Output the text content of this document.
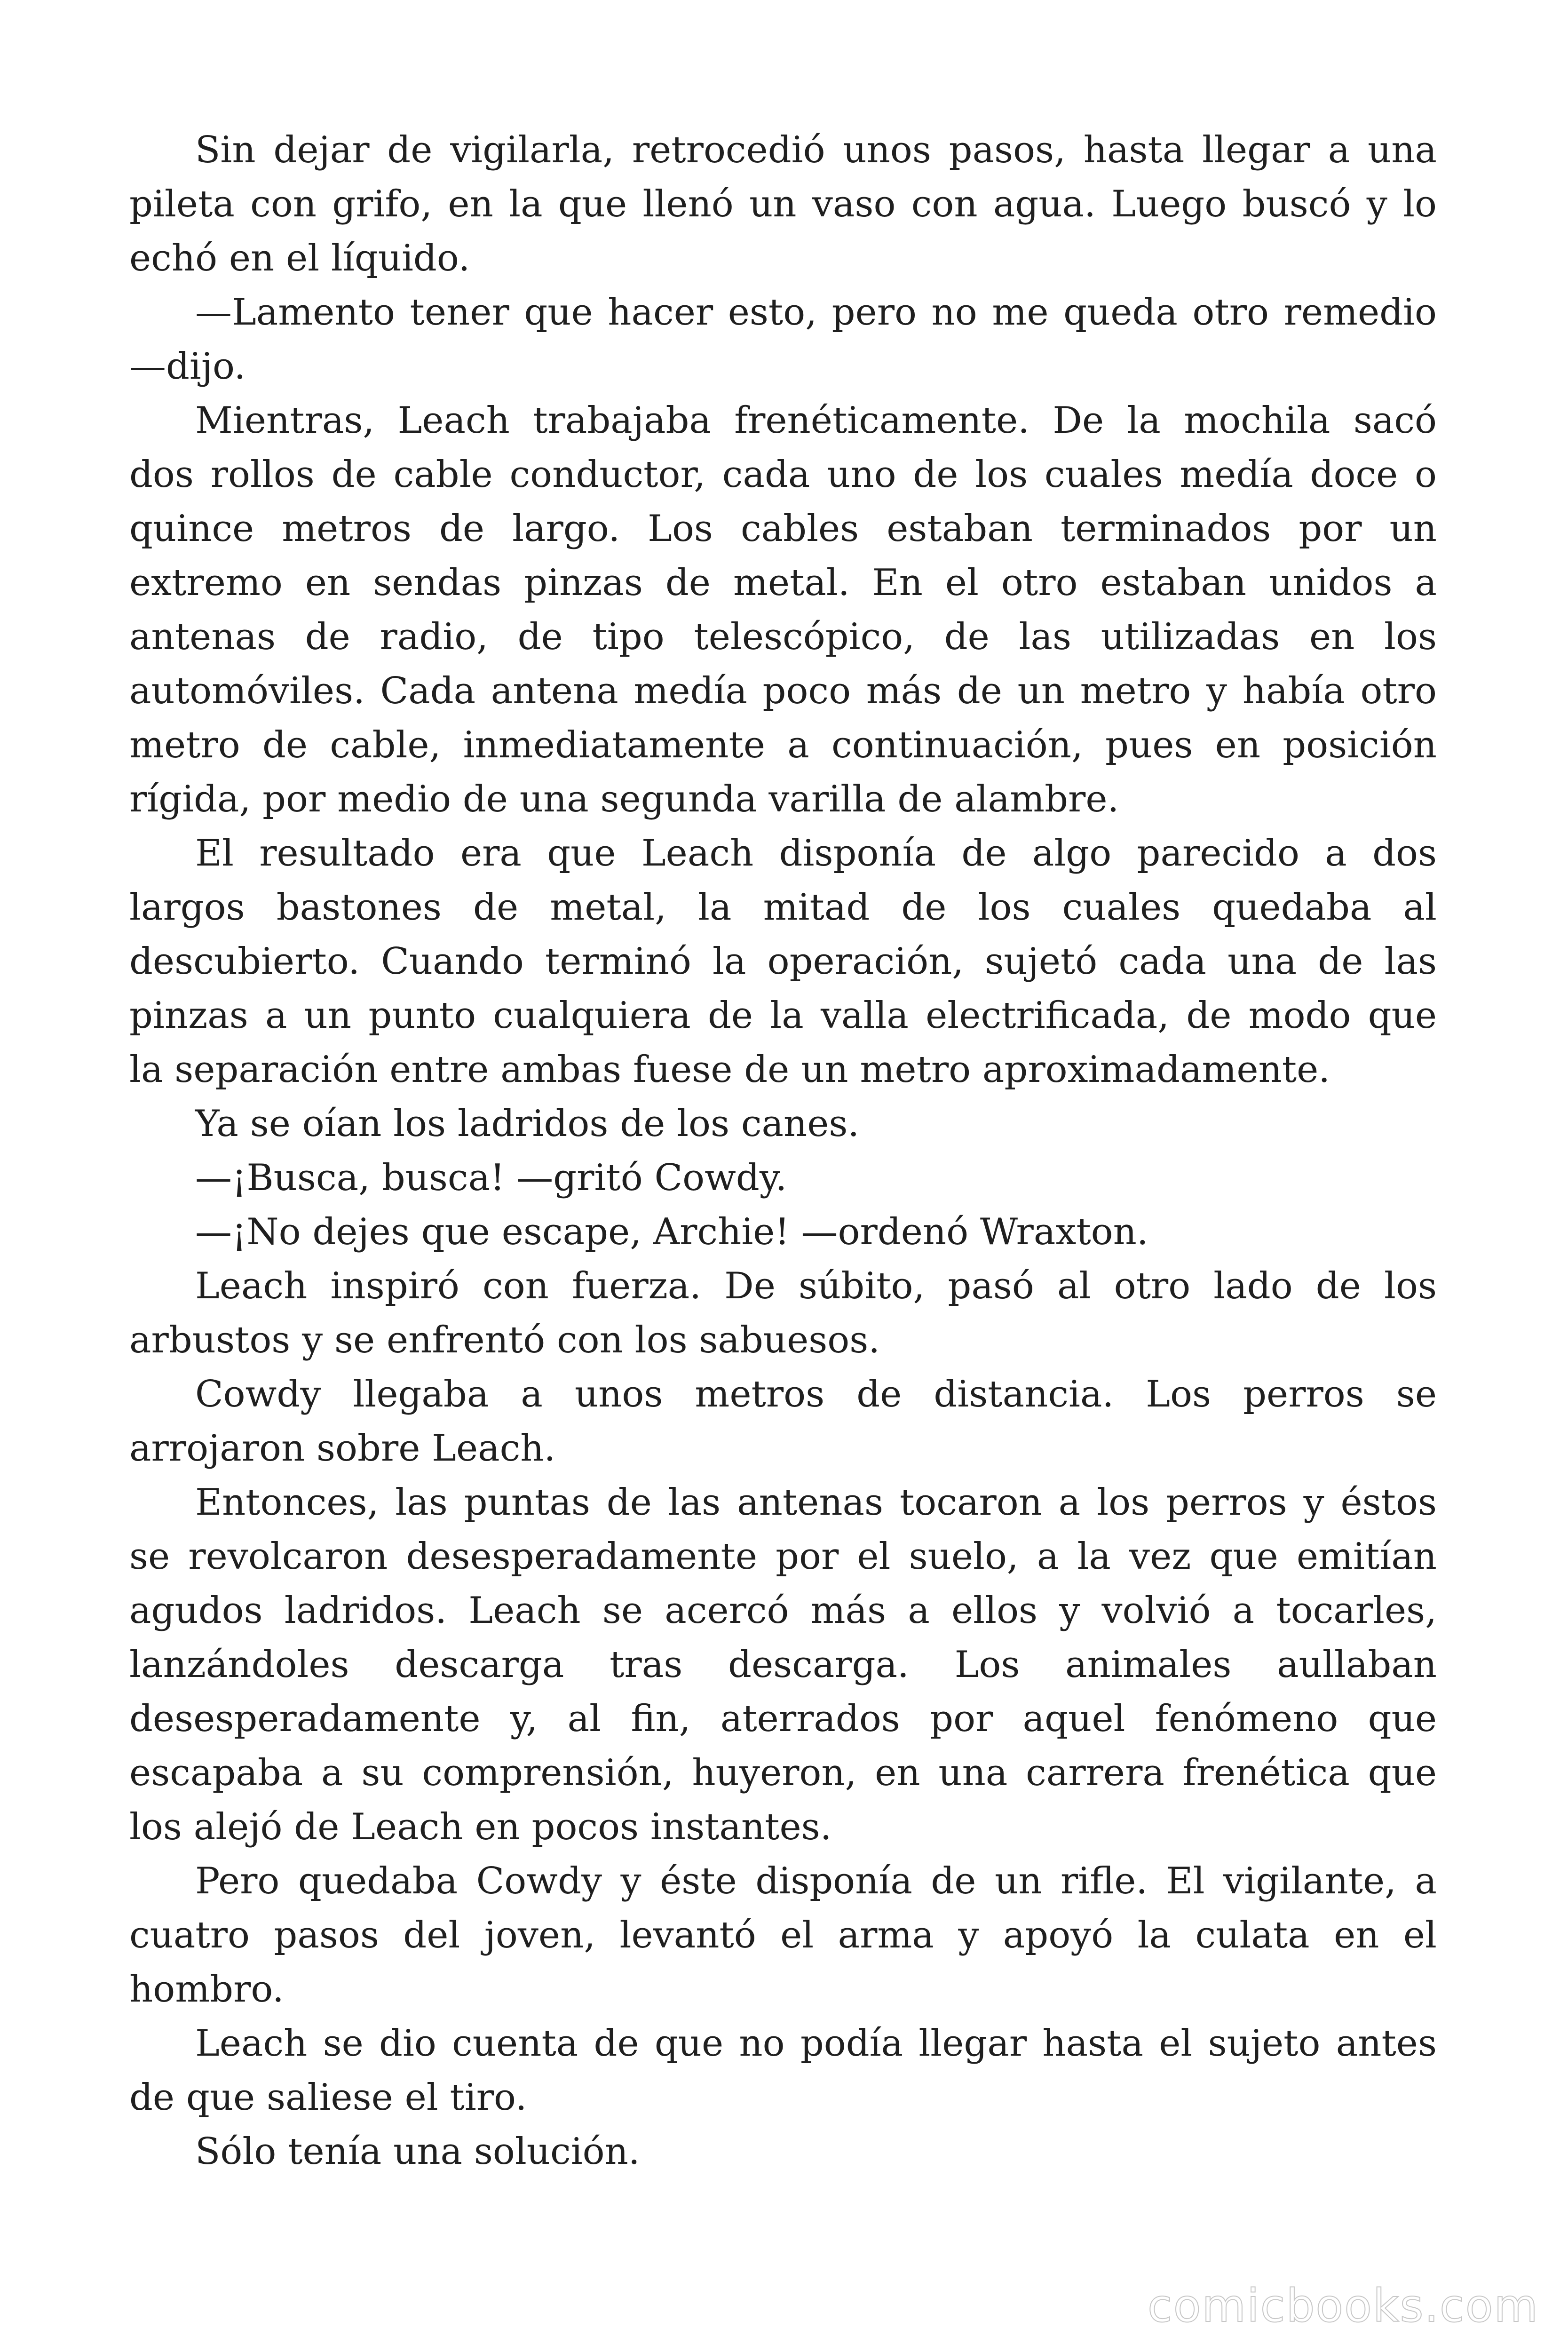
Sin dejar de vigilarla, retrocedió unos pasos, hasta llegar a una
pileta con grifo, en la que llenó un vaso con agua. Luego buscó y lo
echó en el líquido.
—Lamento tener que hacer esto, pero no me queda otro remedio
—dijo.
Mientras, Leach trabajaba frenéticamente. De la mochila sacó
dos rollos de cable conductor, cada uno de los cuales medía doce o
quince metros de largo. Los cables estaban terminados por un
extremo en sendas pinzas de metal. En el otro estaban unidos a
antenas de radio, de tipo telescópico, de las utilizadas en los
automóviles. Cada antena medía poco más de un metro y había otro
metro de cable, inmediatamente a continuación, pues en posición
rígida, por medio de una segunda varilla de alambre.
El resultado era que Leach disponía de algo parecido a dos
largos bastones de metal, la mitad de los cuales quedaba al
descubierto. Cuando terminó la operación, sujetó cada una de las
pinzas a un punto cualquiera de la valla electrificada, de modo que
la separación entre ambas fuese de un metro aproximadamente.
Ya se oían los ladridos de los canes.
—¡Busca, busca! —gritó Cowdy.
—¡No dejes que escape, Archie! —ordenó Wraxton.
Leach inspiró con fuerza. De súbito, pasó al otro lado de los
arbustos y se enfrentó con los sabuesos.
Cowdy llegaba a unos metros de distancia. Los perros se
arrojaron sobre Leach.
Entonces, las puntas de las antenas tocaron a los perros y éstos
se revolcaron desesperadamente por el suelo, a la vez que emitían
agudos ladridos. Leach se acercó más a ellos y volvió a tocarles,
lanzándoles descarga tras descarga. Los animales aullaban
desesperadamente y, al fin, aterrados por aquel fenómeno que
escapaba a su comprensión, huyeron, en una carrera frenética que
los alejó de Leach en pocos instantes.
Pero quedaba Cowdy y éste disponía de un rifle. El vigilante, a
cuatro pasos del joven, levantó el arma y apoyó la culata en el
hombro.
Leach se dio cuenta de que no podía llegar hasta el sujeto antes
de que saliese el tiro.
Sólo tenía una solución.
comicbooks.com
